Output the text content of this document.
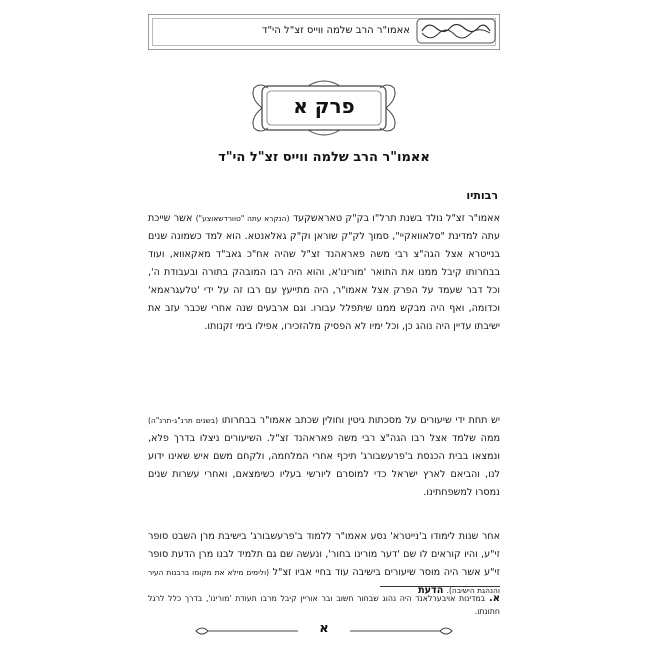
אאמו"ר הרב שלמה ווייס זצ"ל הי"ד
פרק א
אאמו"ר הרב שלמה ווייס זצ"ל הי"ד
רבותיו
אאמו"ר זצ"ל נולד בשנת תרל"ו בק"ק טאראשקעד (הנקרא עתה "טוורדשאוצע") אשר שייכת עתה למדינת "סלאוואקיי", סמוך לק"ק שוראן וק"ק גאלאנטא. הוא למד כשמונה שנים בנייטרא אצל הגה"צ רבי משה פאראהנד זצ"ל שהיה אח"כ גאב"ד מאקאווא, ועוד בבחרותו קיבל ממנו את התואר 'מורינו'א, והוא היה רבו המובהק בתורה ובעבודת ה', וכל דבר שעמד על הפרק אצל אאמו"ר, היה מתייעץ עם רבו זה על ידי 'טלעגראמא' וכדומה, ואף היה מבקש ממנו שיתפלל עבורו. וגם ארבעים שנה אחרי שכבר עזב את ישיבתו עדיין היה נוהג כן, וכל ימיו לא הפסיק מלהזכירו, אפילו בימי זקנותו.
יש תחת ידי שיעורים על מסכתות גיטין וחולין שכתב אאמו"ר בבחרותו (בשנים תרנ"ג-תרנ"ה) ממה שלמד אצל רבו הגה"צ רבי משה פאראהנד זצ"ל. השיעורים ניצלו בדרך פלא, ונמצאו בבית הכנסת ב'פרעשבורג' תיכף אחרי המלחמה, ולקחם משם איש שאינו ידוע לנו, והביאם לארץ ישראל כדי למוסרם ליורשי בעליו כשימצאם, ואחרי עשרות שנים נמסרו למשפחתינו.
אחר שנות לימודו ב'נייטרא' נסע אאמו"ר ללמוד ב'פרעשבורג' בישיבת מרן השבט סופר זי"ע, והיו קוראים לו שם 'דער מורינו בחור', ונעשה שם גם תלמיד לבנו מרן הדעת סופר זי"ע אשר היה מוסר שיעורים בישיבה עוד בחיי אביו זצ"ל (ולימים מילא את מקומו ברבנות העיר והנהגת הישיבה). הדעת
א. במדינות אויבערלאנד היה נהוג שבחור חשוב ובר אוריין קיבל מרבו תעודת 'מורינו', בדרך כלל לרגל חתונתו.
א
